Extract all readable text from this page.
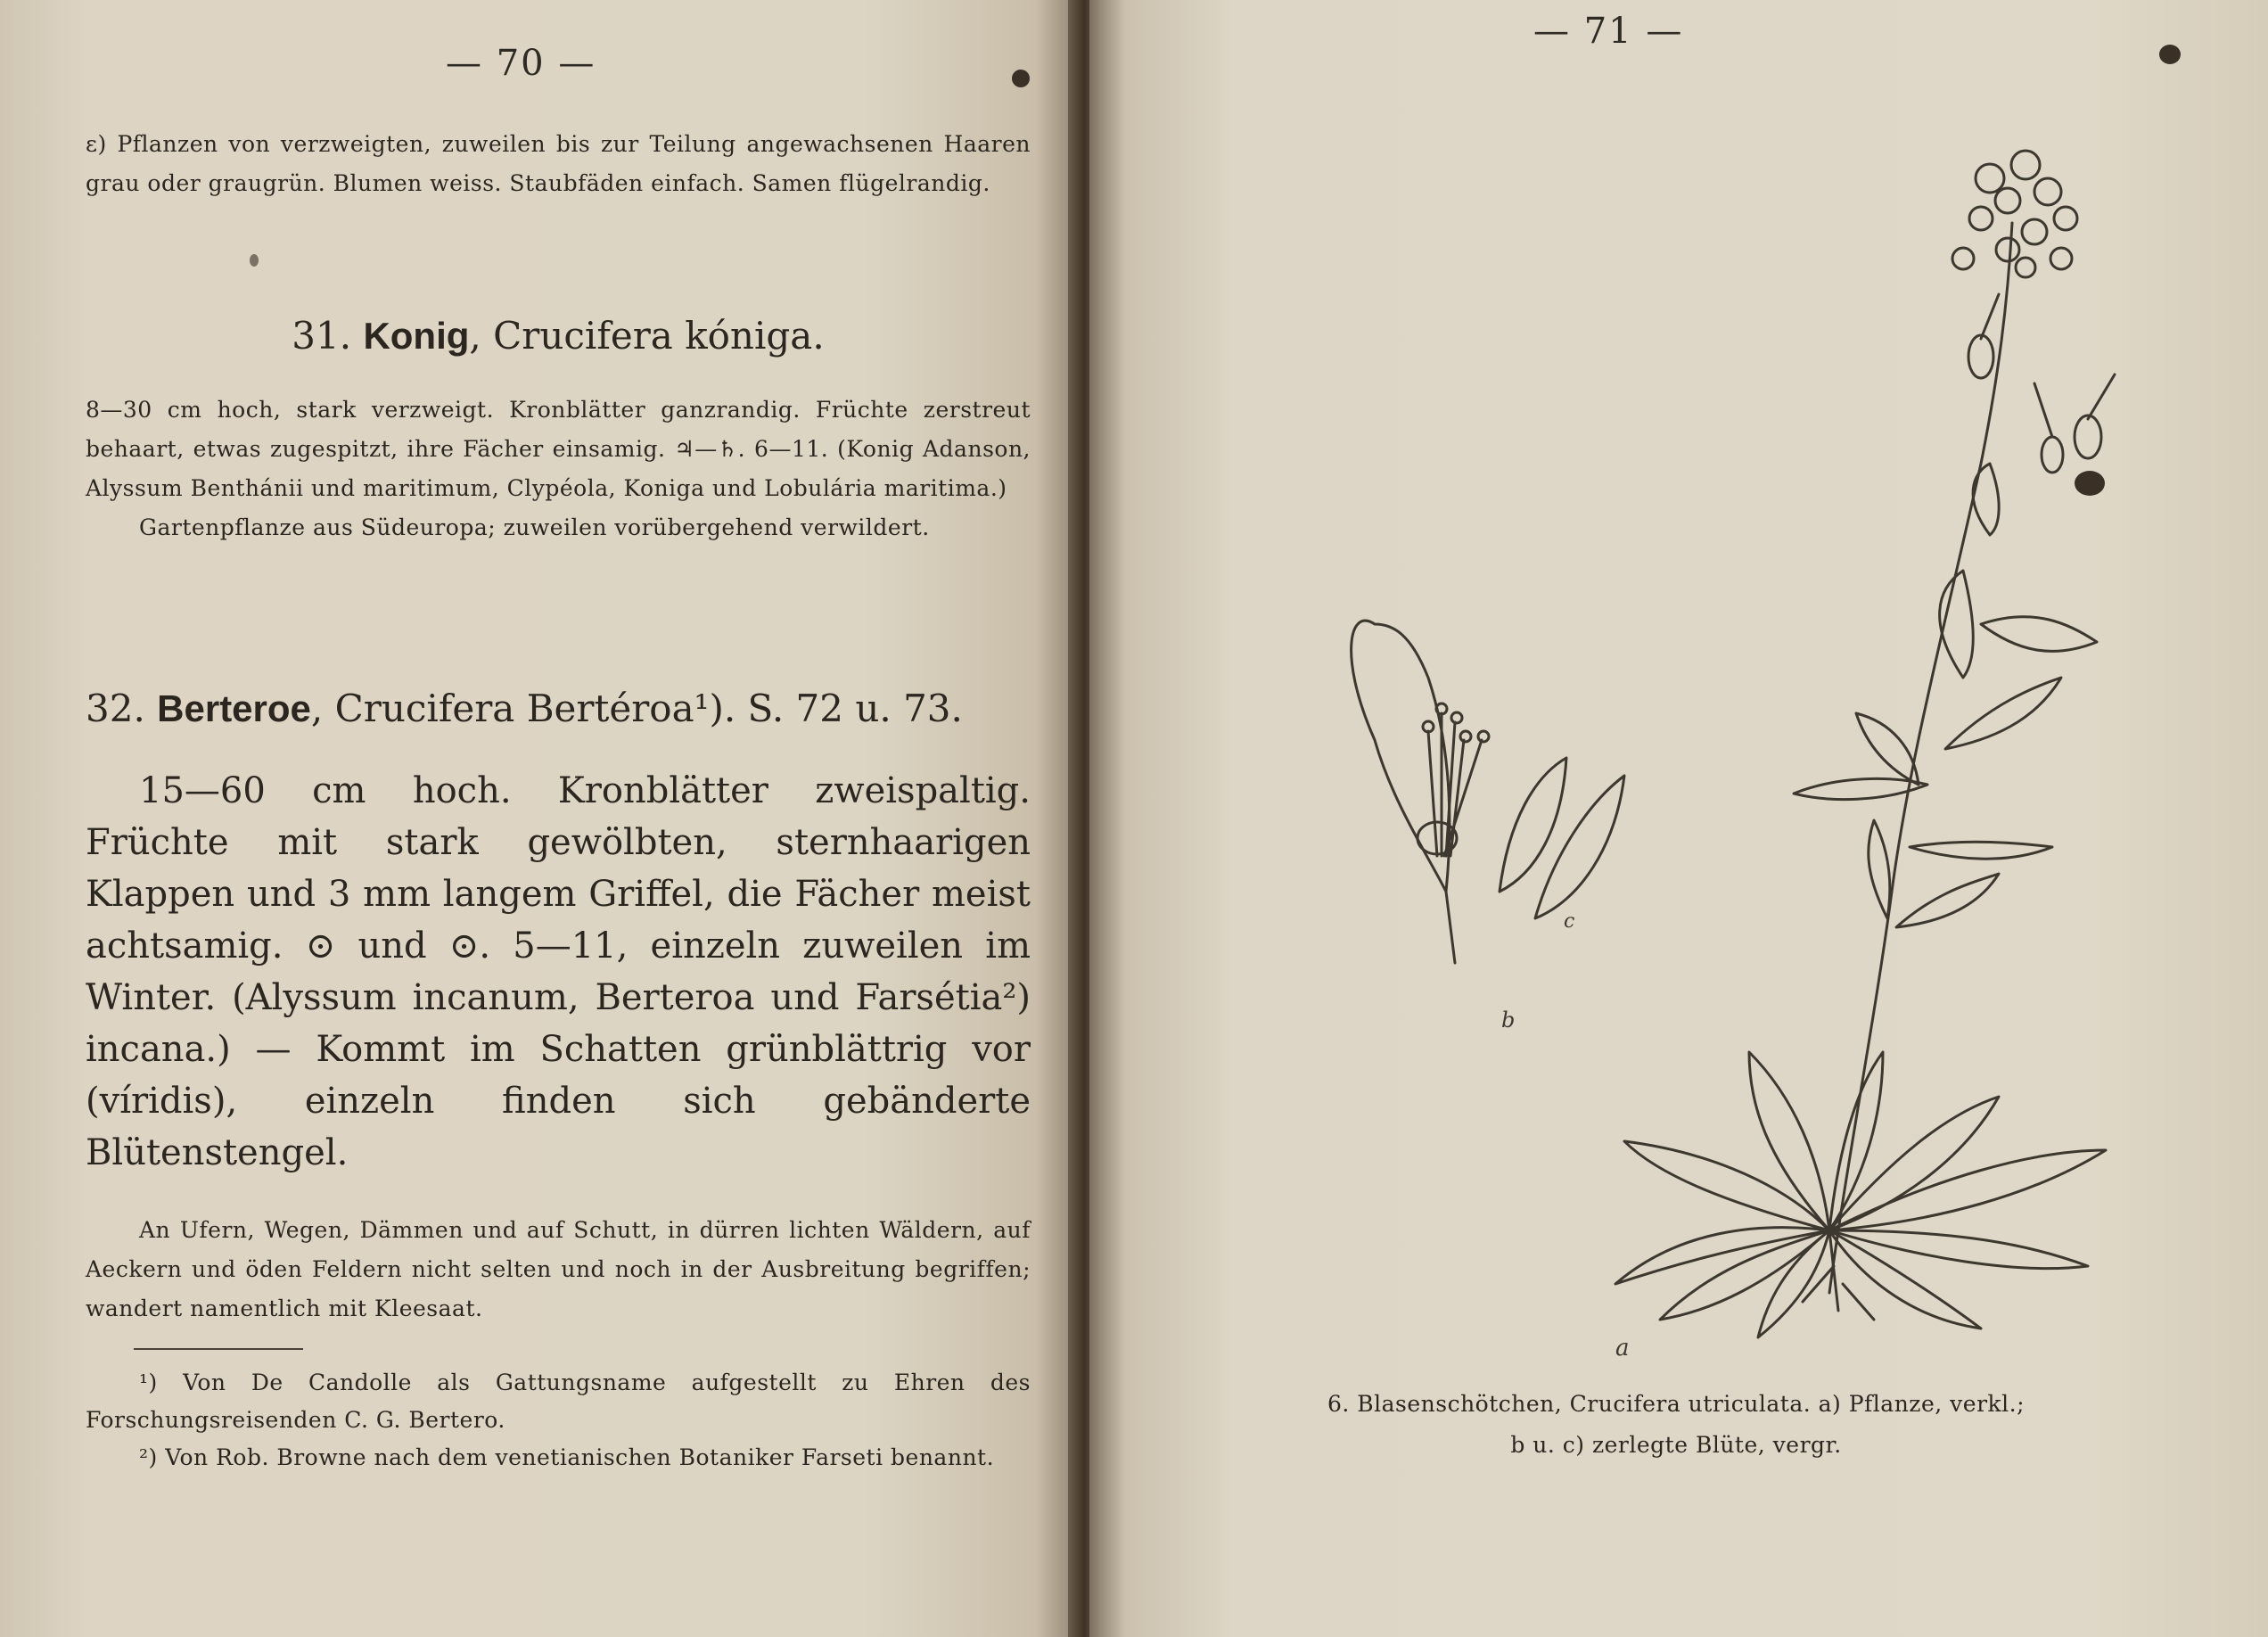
— 70 —
ε) Pflanzen von verzweigten, zuweilen bis zur Teilung angewachsenen Haaren grau oder graugrün. Blumen weiss. Staubfäden einfach. Samen flügelrandig.
31. Konig, Crucifera kóniga.

8—30 cm hoch, stark verzweigt. Kronblätter ganzrandig. Früchte zerstreut behaart, etwas zugespitzt, ihre Fächer einsamig. ♃—♄. 6—11. (Konig Adanson, Alyssum Benthánii und maritimum, Clypéola, Koniga und Lobulária maritima.)

Gartenpflanze aus Südeuropa; zuweilen vorübergehend verwildert.

32. Berteroe, Crucifera Bertéroa¹). S. 72 u. 73.
15—60 cm hoch. Kronblätter zweispaltig. Früchte mit stark gewölbten, sternhaarigen Klappen und 3 mm langem Griffel, die Fächer meist achtsamig. ⊙ und ⊙. 5—11, einzeln zuweilen im Winter. (Alyssum incanum, Berteroa und Farsétia²) incana.) — Kommt im Schatten grünblättrig vor (víridis), einzeln finden sich gebänderte Blütenstengel.
An Ufern, Wegen, Dämmen und auf Schutt, in dürren lichten Wäldern, auf Aeckern und öden Feldern nicht selten und noch in der Ausbreitung begriffen; wandert namentlich mit Kleesaat.

¹) Von De Candolle als Gattungsname aufgestellt zu Ehren des Forschungsreisenden C. G. Bertero.

²) Von Rob. Browne nach dem venetianischen Botaniker Farseti benannt.

— 71 —
a
b
c
6. Blasenschötchen, Crucifera utriculata. a) Pflanze, verkl.;
b u. c) zerlegte Blüte, vergr.
